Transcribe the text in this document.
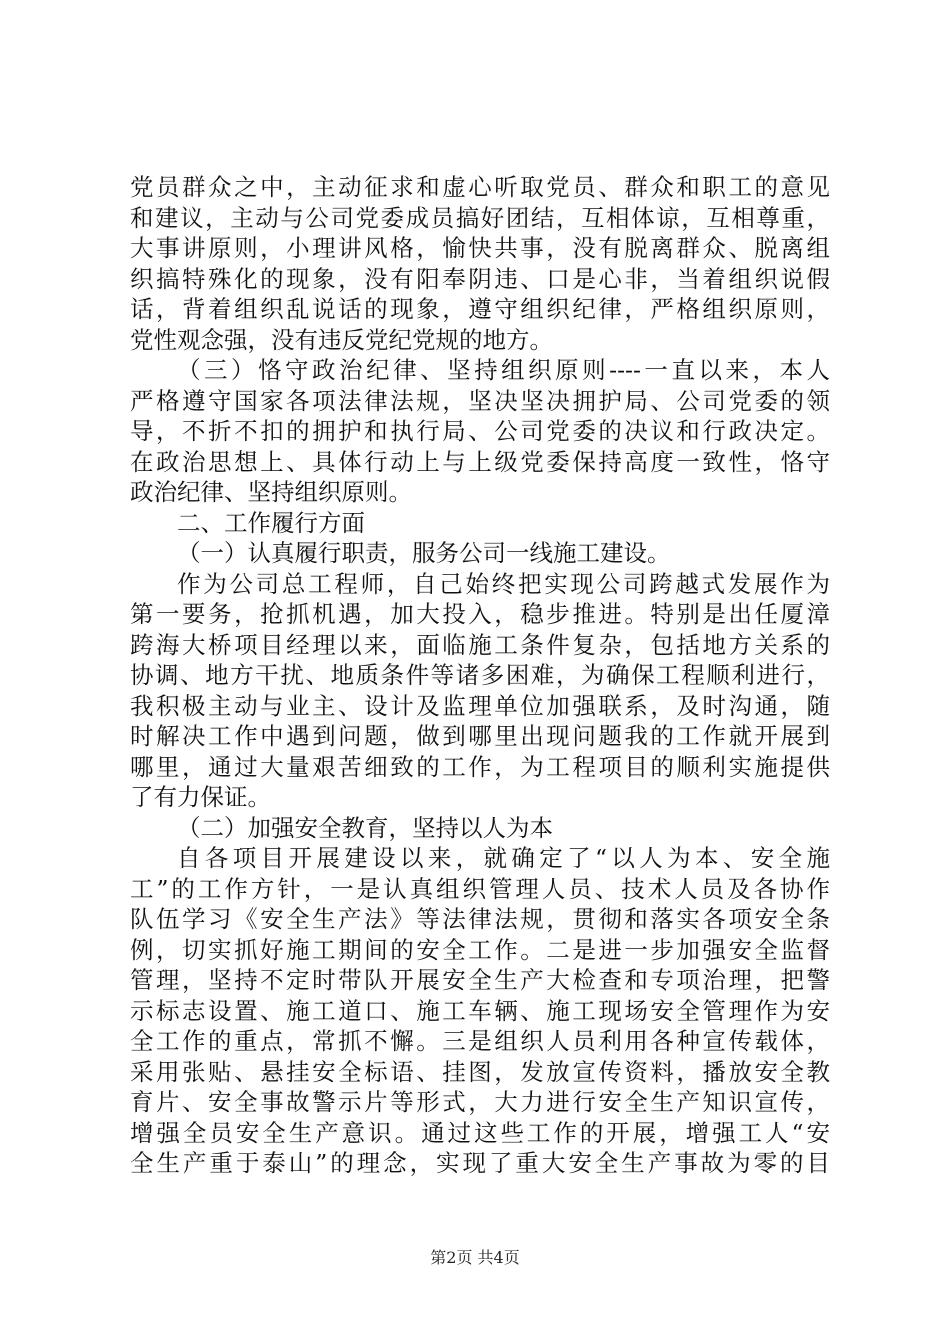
党员群众之中，主动征求和虚心听取党员、群众和职工的意见
和建议，主动与公司党委成员搞好团结，互相体谅，互相尊重，
大事讲原则，小理讲风格，愉快共事，没有脱离群众、脱离组
织搞特殊化的现象，没有阳奉阴违、口是心非，当着组织说假
话，背着组织乱说话的现象，遵守组织纪律，严格组织原则，
党性观念强，没有违反党纪党规的地方。
（三）恪守政治纪律、坚持组织原则----一直以来，本人
严格遵守国家各项法律法规，坚决坚决拥护局、公司党委的领
导，不折不扣的拥护和执行局、公司党委的决议和行政决定。
在政治思想上、具体行动上与上级党委保持高度一致性，恪守
政治纪律、坚持组织原则。
二、工作履行方面
（一）认真履行职责，服务公司一线施工建设。
作为公司总工程师，自己始终把实现公司跨越式发展作为
第一要务，抢抓机遇，加大投入，稳步推进。特别是出任厦漳
跨海大桥项目经理以来，面临施工条件复杂，包括地方关系的
协调、地方干扰、地质条件等诸多困难，为确保工程顺利进行，
我积极主动与业主、设计及监理单位加强联系，及时沟通，随
时解决工作中遇到问题，做到哪里出现问题我的工作就开展到
哪里，通过大量艰苦细致的工作，为工程项目的顺利实施提供
了有力保证。
（二）加强安全教育，坚持以人为本
自各项目开展建设以来，就确定了“以人为本、安全施
工”的工作方针，一是认真组织管理人员、技术人员及各协作
队伍学习《安全生产法》等法律法规，贯彻和落实各项安全条
例，切实抓好施工期间的安全工作。二是进一步加强安全监督
管理，坚持不定时带队开展安全生产大检查和专项治理，把警
示标志设置、施工道口、施工车辆、施工现场安全管理作为安
全工作的重点，常抓不懈。三是组织人员利用各种宣传载体，
采用张贴、悬挂安全标语、挂图，发放宣传资料，播放安全教
育片、安全事故警示片等形式，大力进行安全生产知识宣传，
增强全员安全生产意识。通过这些工作的开展，增强工人“安
全生产重于泰山”的理念，实现了重大安全生产事故为零的目
第2页 共4页
